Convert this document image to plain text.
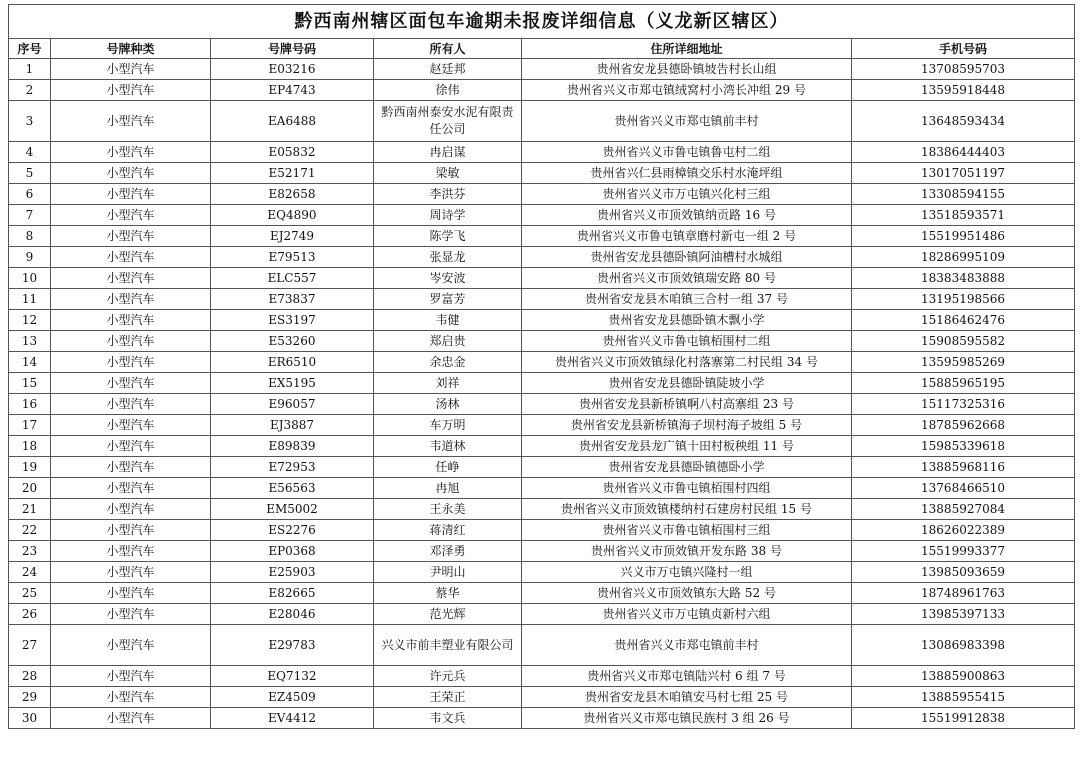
黔西南州辖区面包车逾期未报废详细信息（义龙新区辖区）					
序号	号牌种类	号牌号码	所有人	住所详细地址	手机号码
1	小型汽车	E03216	赵廷邦	贵州省安龙县德卧镇坡告村长山组	13708595703
2	小型汽车	EP4743	徐伟	贵州省兴义市郑屯镇绒窝村小湾长冲组 29 号	13595918448
3	小型汽车	EA6488	黔西南州泰安水泥有限责任公司	贵州省兴义市郑屯镇前丰村	13648593434
4	小型汽车	E05832	冉启谋	贵州省兴义市鲁屯镇鲁屯村二组	18386444403
5	小型汽车	E52171	梁敏	贵州省兴仁县雨樟镇交乐村水淹坪组	13017051197
6	小型汽车	E82658	李洪芬	贵州省兴义市万屯镇兴化村三组	13308594155
7	小型汽车	EQ4890	周诗学	贵州省兴义市顶效镇纳贡路 16 号	13518593571
8	小型汽车	EJ2749	陈学飞	贵州省兴义市鲁屯镇章磨村新屯一组 2 号	15519951486
9	小型汽车	E79513	张显龙	贵州省安龙县德卧镇阿油槽村水城组	18286995109
10	小型汽车	ELC557	岑安波	贵州省兴义市顶效镇瑞安路 80 号	18383483888
11	小型汽车	E73837	罗富芳	贵州省安龙县木咱镇三合村一组 37 号	13195198566
12	小型汽车	ES3197	韦健	贵州省安龙县德卧镇木飘小学	15186462476
13	小型汽车	E53260	郑启贵	贵州省兴义市鲁屯镇栢围村二组	15908595582
14	小型汽车	ER6510	余忠金	贵州省兴义市顶效镇绿化村落寨第二村民组 34 号	13595985269
15	小型汽车	EX5195	刘祥	贵州省安龙县德卧镇陡坡小学	15885965195
16	小型汽车	E96057	汤林	贵州省安龙县新桥镇啊八村高寨组 23 号	15117325316
17	小型汽车	EJ3887	车万明	贵州省安龙县新桥镇海子坝村海子坡组 5 号	18785962668
18	小型汽车	E89839	韦道林	贵州省安龙县龙广镇十田村板秧组 11 号	15985339618
19	小型汽车	E72953	任峥	贵州省安龙县德卧镇德卧小学	13885968116
20	小型汽车	E56563	冉旭	贵州省兴义市鲁屯镇栢围村四组	13768466510
21	小型汽车	EM5002	王永美	贵州省兴义市顶效镇楼纳村石建房村民组 15 号	13885927084
22	小型汽车	ES2276	蒋清红	贵州省兴义市鲁屯镇栢围村三组	18626022389
23	小型汽车	EP0368	邓泽勇	贵州省兴义市顶效镇开发东路 38 号	15519993377
24	小型汽车	E25903	尹明山	兴义市万屯镇兴隆村一组	13985093659
25	小型汽车	E82665	蔡华	贵州省兴义市顶效镇东大路 52 号	18748961763
26	小型汽车	E28046	范光辉	贵州省兴义市万屯镇贞新村六组	13985397133
27	小型汽车	E29783	兴义市前丰塑业有限公司	贵州省兴义市郑屯镇前丰村	13086983398
28	小型汽车	EQ7132	许元兵	贵州省兴义市郑屯镇陆兴村 6 组 7 号	13885900863
29	小型汽车	EZ4509	王荣正	贵州省安龙县木咱镇安马村七组 25 号	13885955415
30	小型汽车	EV4412	韦文兵	贵州省兴义市郑屯镇民族村 3 组 26 号	15519912838
